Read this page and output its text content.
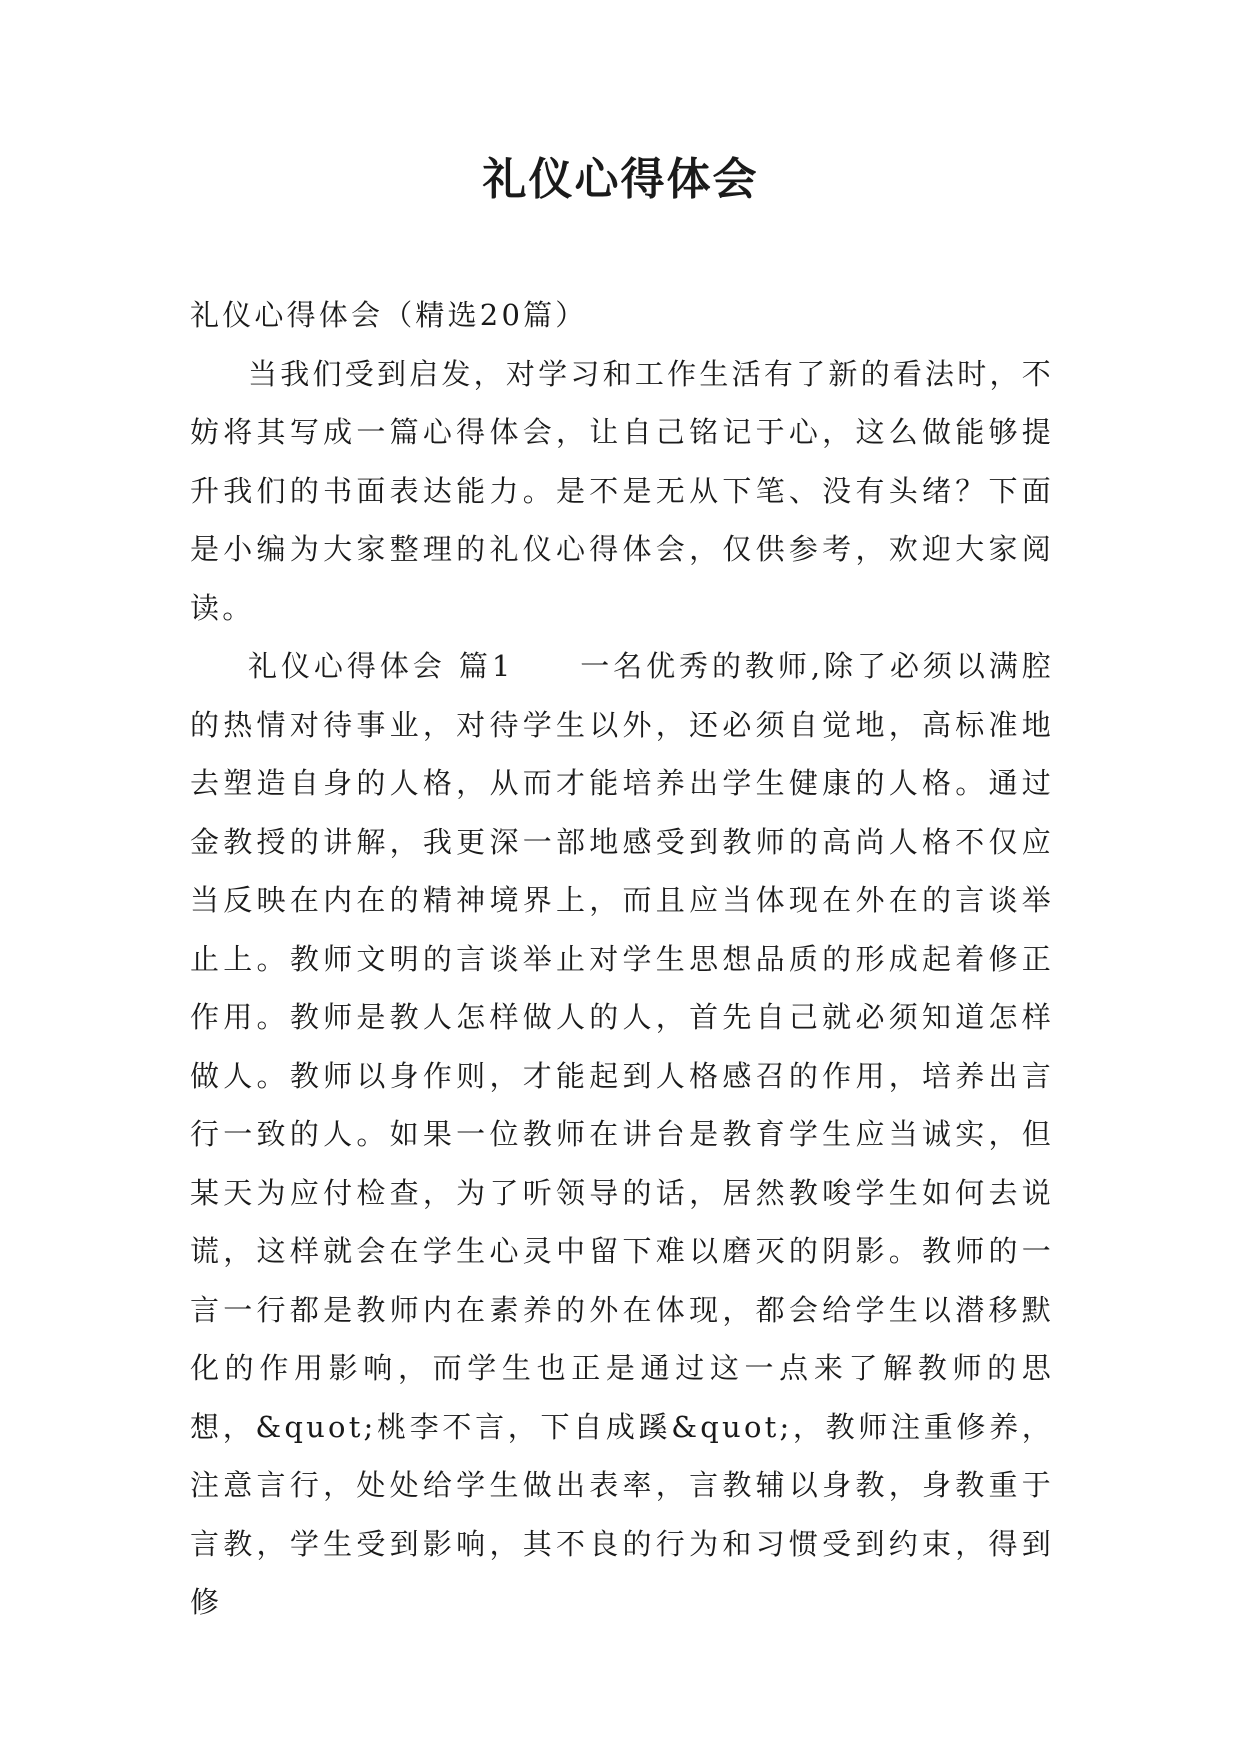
礼仪心得体会

礼仪心得体会（精选20篇）

当我们受到启发，对学习和工作生活有了新的看法时，不妨将其写成一篇心得体会，让自己铭记于心，这么做能够提升我们的书面表达能力。是不是无从下笔、没有头绪？下面是小编为大家整理的礼仪心得体会，仅供参考，欢迎大家阅读。

礼仪心得体会 篇1　　一名优秀的教师,除了必须以满腔的热情对待事业，对待学生以外，还必须自觉地，高标准地去塑造自身的人格，从而才能培养出学生健康的人格。通过金教授的讲解，我更深一部地感受到教师的高尚人格不仅应当反映在内在的精神境界上，而且应当体现在外在的言谈举止上。教师文明的言谈举止对学生思想品质的形成起着修正作用。教师是教人怎样做人的人，首先自己就必须知道怎样做人。教师以身作则，才能起到人格感召的作用，培养出言行一致的人。如果一位教师在讲台是教育学生应当诚实，但某天为应付检查，为了听领导的话，居然教唆学生如何去说谎，这样就会在学生心灵中留下难以磨灭的阴影。教师的一言一行都是教师内在素养的外在体现，都会给学生以潜移默化的作用影响，而学生也正是通过这一点来了解教师的思想，&quot;桃李不言，下自成蹊&quot;，教师注重修养，注意言行，处处给学生做出表率，言教辅以身教，身教重于言教，学生受到影响，其不良的行为和习惯受到约束，得到修
